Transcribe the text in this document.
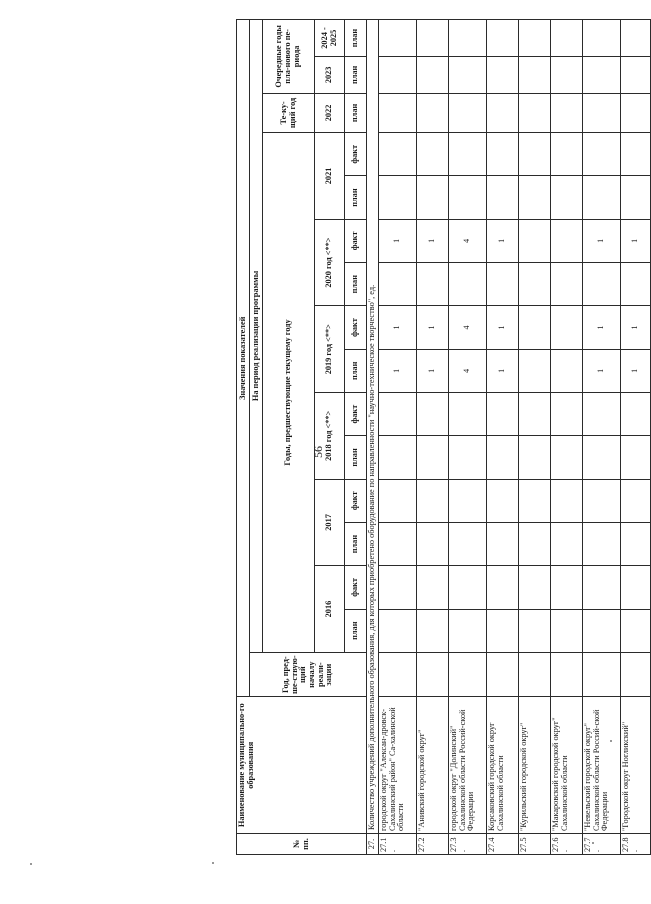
56
№ пп.	Наименование муниципально-го образования	Значения показателей															
		Год, пред-ше-ствую-щий началу реали-зации	На период реализации программы														
			Годы, предшествующие текущему году												Те-ку-щий год	Очередные годы пла-нового пе-риода	
			2016		2017		2018 год <**>		2019 год <**>		2020 год <**>		2021		2022	2023	2024 - 2025
			план	факт	план	факт	план	факт	план	факт	план	факт	план	факт	план	план	план
27.	Количество учреждений дополнительного образования, для которых приобретено оборудование по направленности "научно-техническое творчество", ед.																
27.1 .	городской округ "Алексан-дровск-Сахалинский район" Са-халинской области								1	1		1					
27.2	"Анивский городской округ"								1	1		1					
27.3 .	городской округ "Долинский" Сахалинской области Россий-ской Федерации								4	4		4					
27.4	Корсаковский городской округ Сахалинской области								1	1		1					
27.5	"Курильский городской округ"																
27.6 .	"Макаровский городской округ" Сахалинской области																
27.7 .	"Невельский городской округ" Сахалинской области Россий-ской Федерации								1	1		1					
27.8 .	"Городской округ Ногликский"								1	1		1					
